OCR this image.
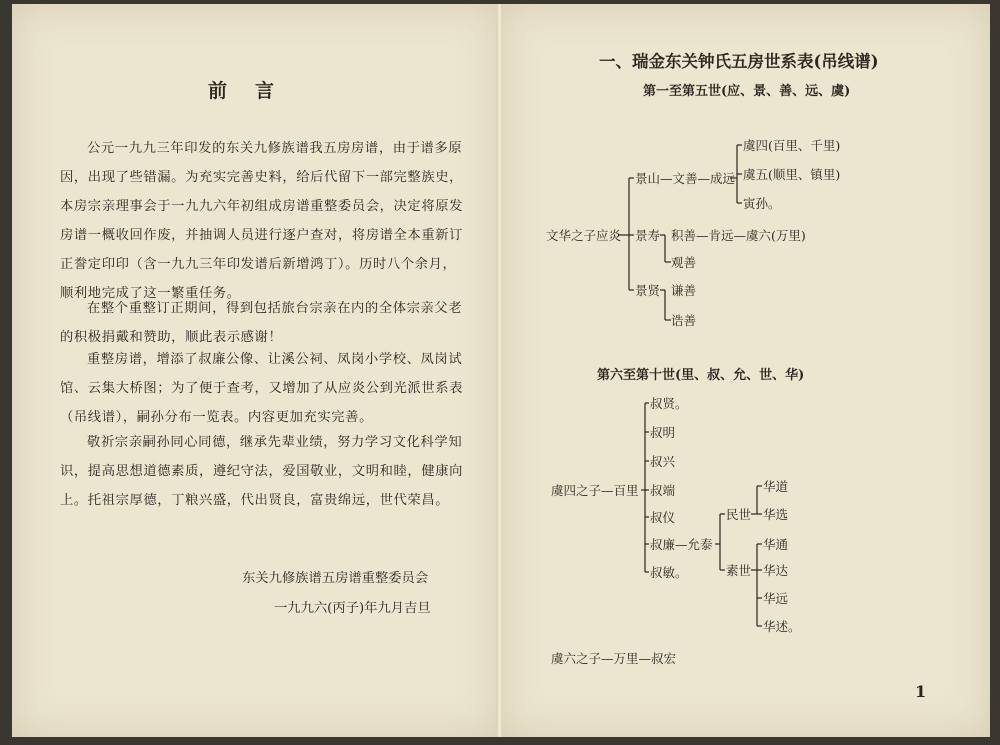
前言
公元一九九三年印发的东关九修族谱我五房房谱，由于谱多原因，出现了些错漏。为充实完善史料，给后代留下一部完整族史，本房宗亲理事会于一九九六年初组成房谱重整委员会，决定将原发房谱一概收回作废，并抽调人员进行逐户查对，将房谱全本重新订正誊定印印（含一九九三年印发谱后新增鸿丁）。历时八个余月，顺利地完成了这一繁重任务。
在整个重整订正期间，得到包括旅台宗亲在内的全体宗亲父老的积极捐戴和赞助，顺此表示感谢！
重整房谱，增添了叔廉公像、让溪公祠、凤岗小学校、凤岗试馆、云集大桥图；为了便于查考，又增加了从应炎公到光派世系表（吊线谱），嗣孙分布一览表。内容更加充实完善。
敬祈宗亲嗣孙同心同德，继承先辈业绩，努力学习文化科学知识，提高思想道德素质，遵纪守法，爱国敬业，文明和睦，健康向上。托祖宗厚德，丁粮兴盛，代出贤良，富贵绵远，世代荣昌。
东关九修族谱五房谱重整委员会
一九九六(丙子)年九月吉旦
一、瑞金东关钟氏五房世系表(吊线谱)
第一至第五世(应、景、善、远、虞)
文华之子应炎
景山—文善—成远
虞四(百里、千里)
虞五(顺里、镇里)
寅孙。
景寿 积善—肯远—虞六(万里)
观善
景贤 谦善
诰善
第六至第十世(里、叔、允、世、华)
虞四之子—百里
叔贤。
叔明
叔兴
叔端
叔仪
叔廉—允泰
叔敏。
民世
华道
华选
素世
华通
华达
华远
华述。
虞六之子—万里—叔宏
1
